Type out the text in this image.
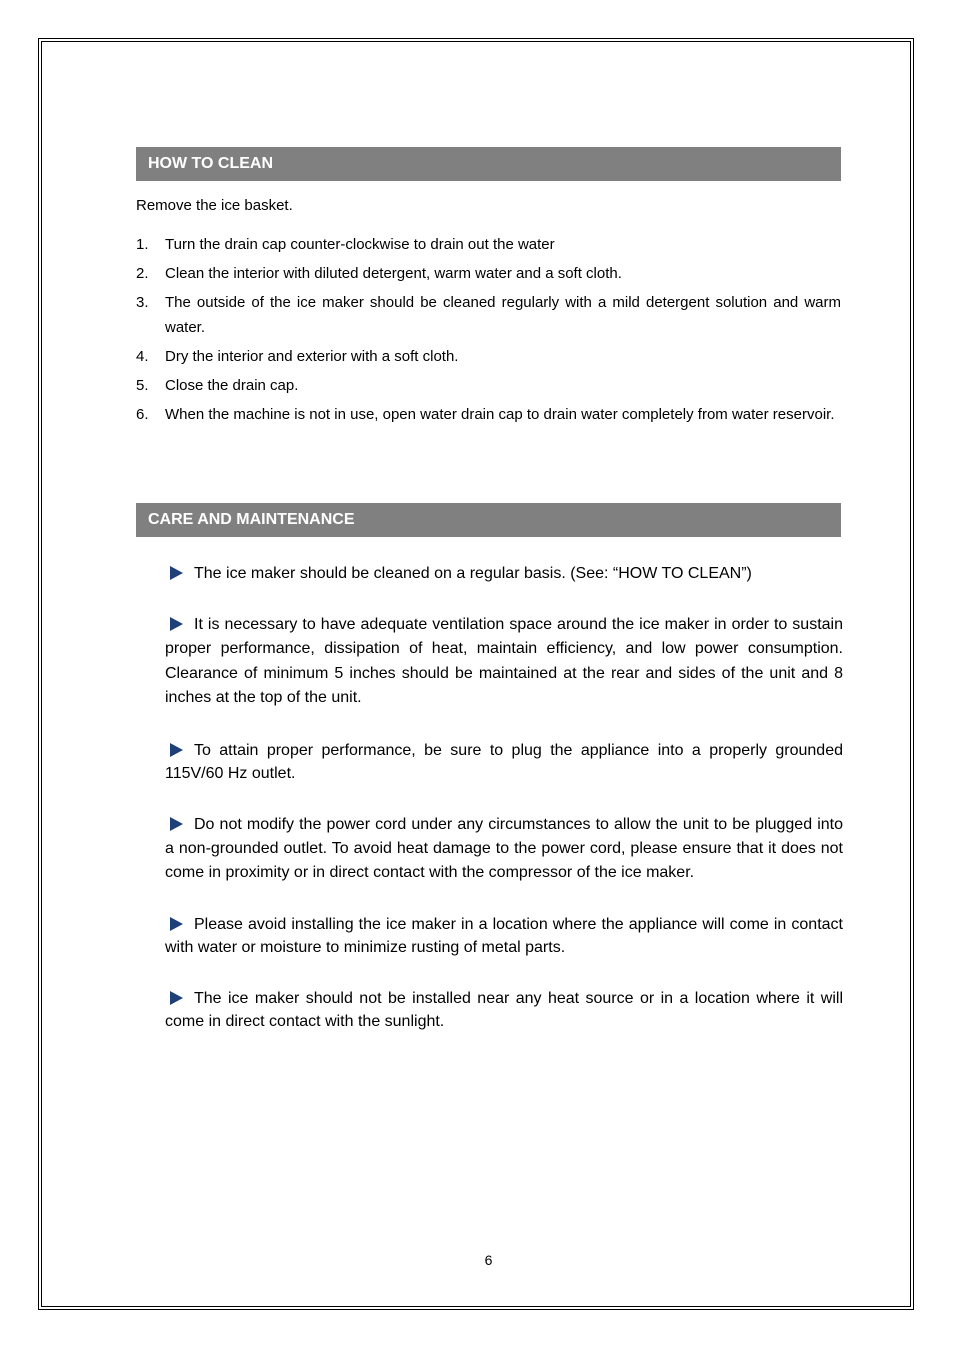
HOW TO CLEAN
Remove the ice basket.
1. Turn the drain cap counter-clockwise to drain out the water
2. Clean the interior with diluted detergent, warm water and a soft cloth.
3. The outside of the ice maker should be cleaned regularly with a mild detergent solution and warm water.
4. Dry the interior and exterior with a soft cloth.
5. Close the drain cap.
6. When the machine is not in use, open water drain cap to drain water completely from water reservoir.
CARE AND MAINTENANCE
The ice maker should be cleaned on a regular basis. (See: “HOW TO CLEAN”)
It is necessary to have adequate ventilation space around the ice maker in order to sustain proper performance, dissipation of heat, maintain efficiency, and low power consumption. Clearance of minimum 5 inches should be maintained at the rear and sides of the unit and 8 inches at the top of the unit.
To attain proper performance, be sure to plug the appliance into a properly grounded 115V/60 Hz outlet.
Do not modify the power cord under any circumstances to allow the unit to be plugged into a non-grounded outlet. To avoid heat damage to the power cord, please ensure that it does not come in proximity or in direct contact with the compressor of the ice maker.
Please avoid installing the ice maker in a location where the appliance will come in contact with water or moisture to minimize rusting of metal parts.
The ice maker should not be installed near any heat source or in a location where it will come in direct contact with the sunlight.
6
